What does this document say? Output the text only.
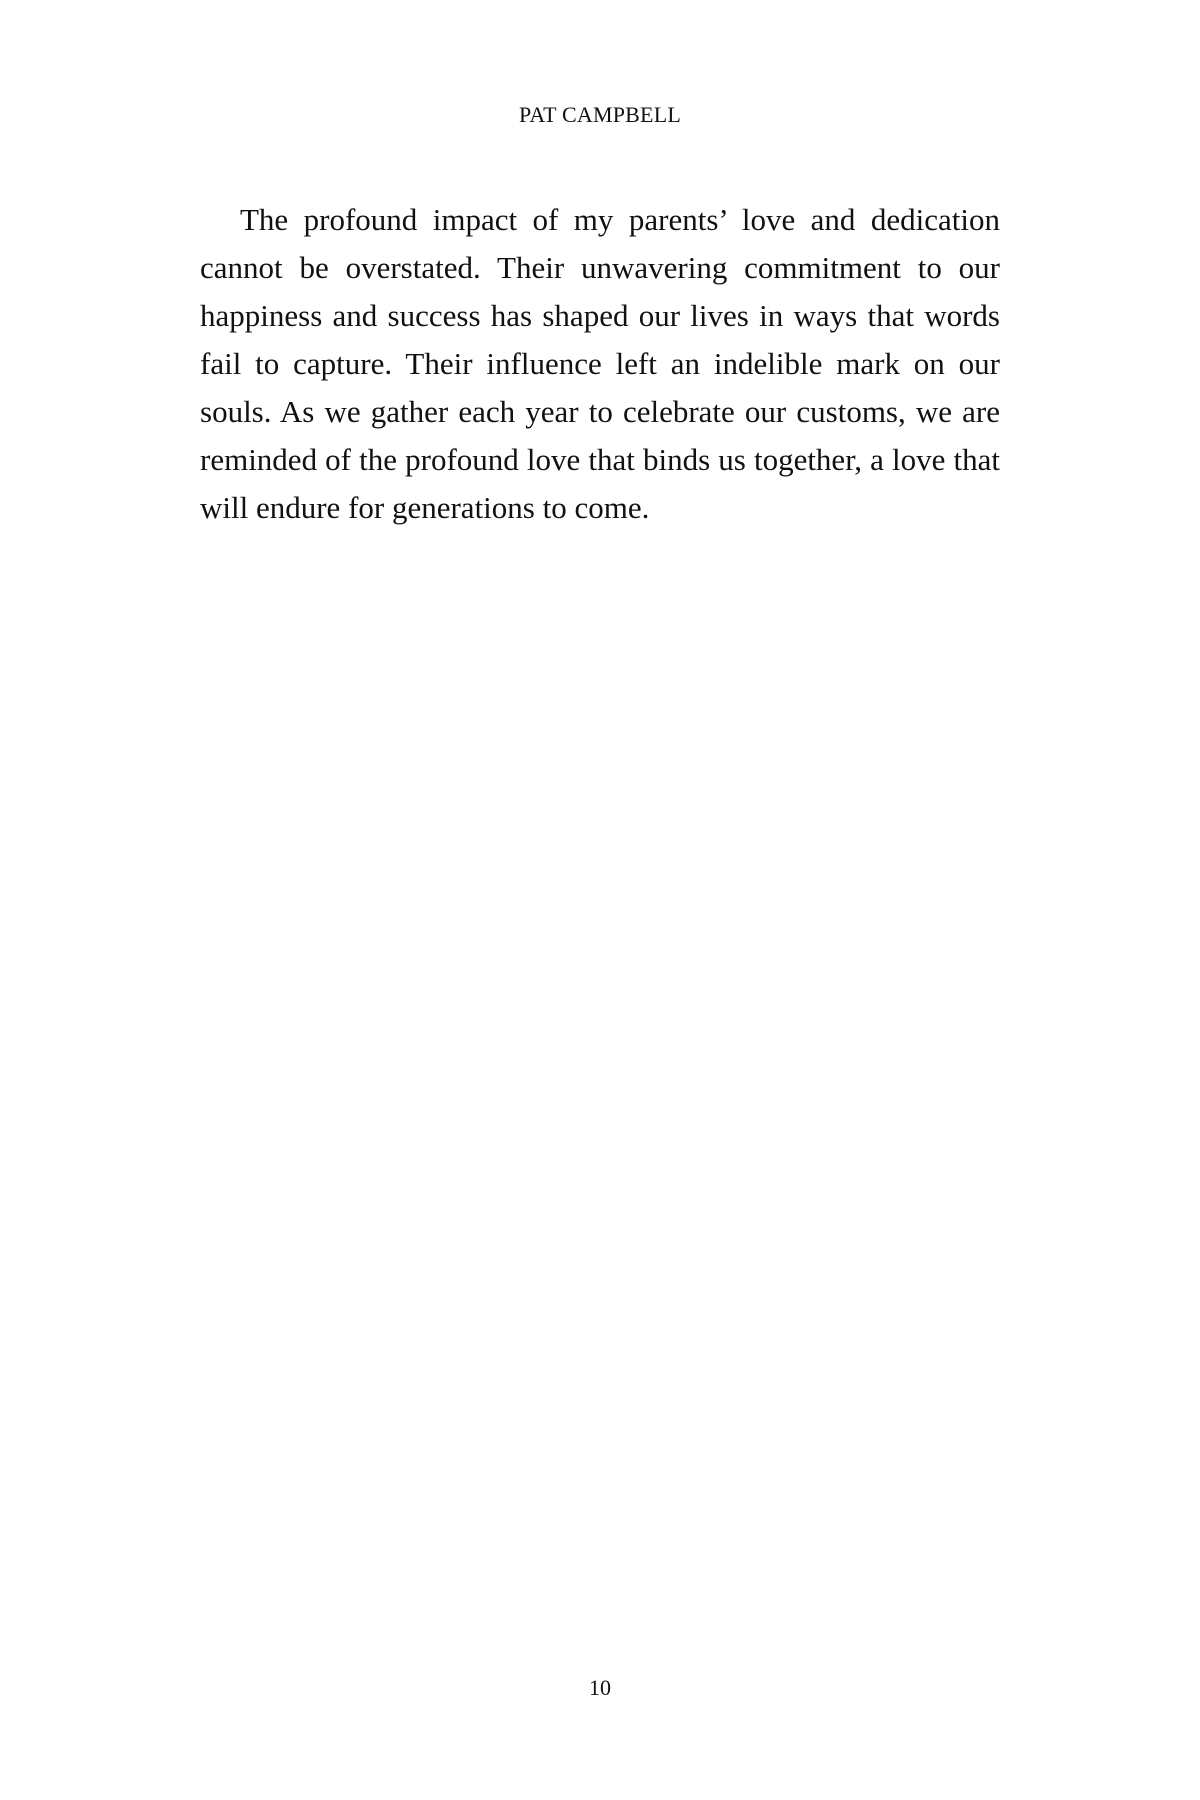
PAT CAMPBELL

The profound impact of my parents’ love and dedication cannot be overstated. Their unwavering commitment to our happiness and success has shaped our lives in ways that words fail to capture. Their influence left an indelible mark on our souls. As we gather each year to celebrate our customs, we are reminded of the profound love that binds us together, a love that will endure for generations to come.

10
